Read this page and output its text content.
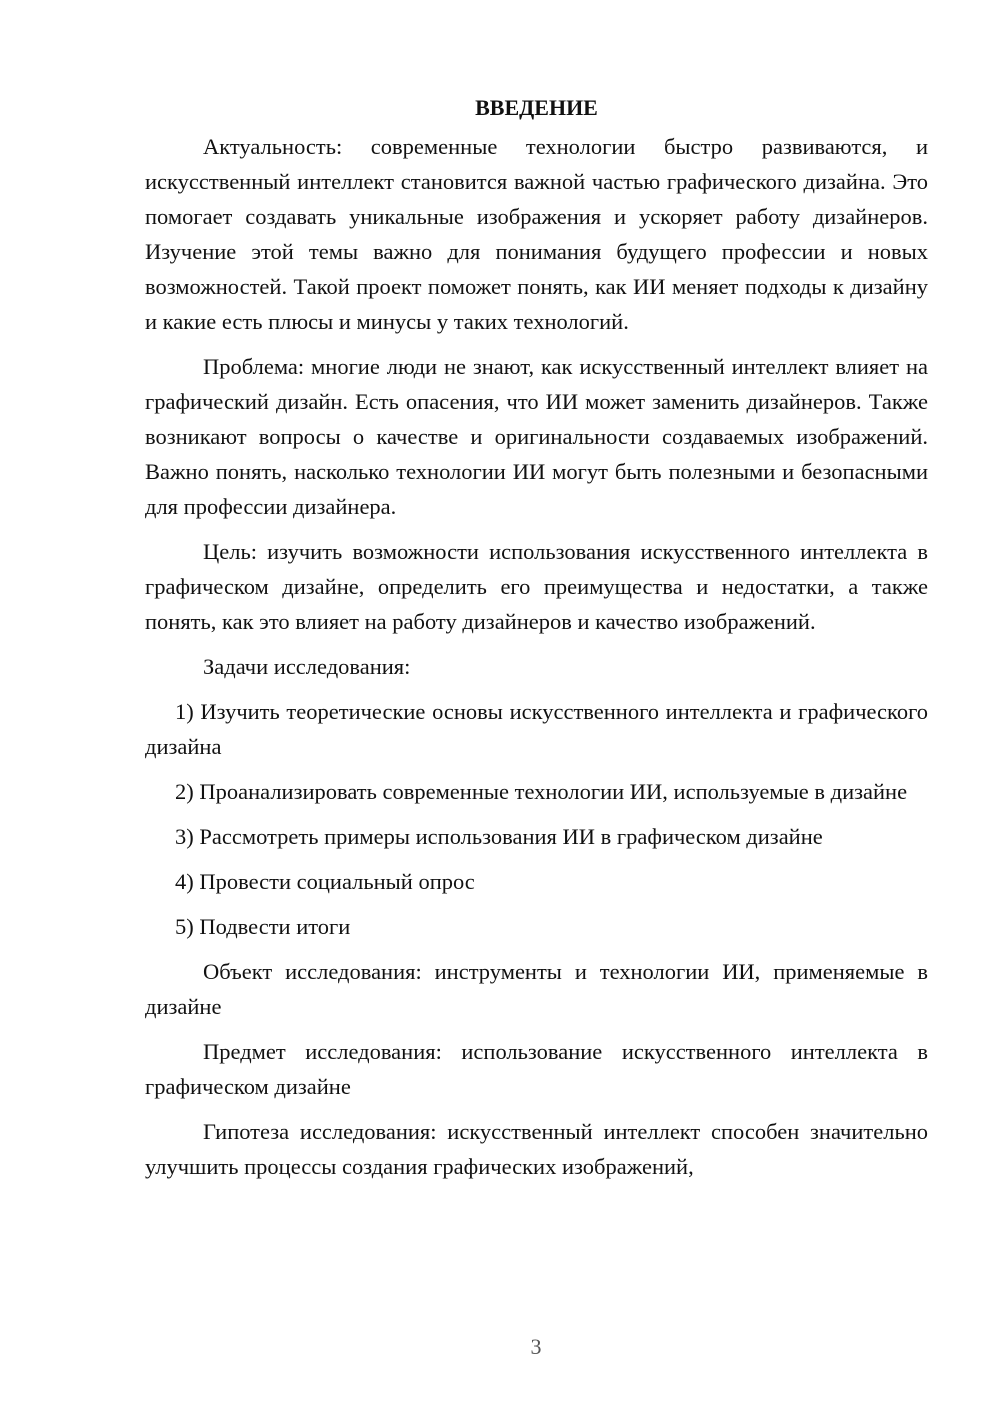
ВВЕДЕНИЕ

Актуальность: современные технологии быстро развиваются, и искусственный интеллект становится важной частью графического дизайна. Это помогает создавать уникальные изображения и ускоряет работу дизайнеров. Изучение этой темы важно для понимания будущего профессии и новых возможностей. Такой проект поможет понять, как ИИ меняет подходы к дизайну и какие есть плюсы и минусы у таких технологий.

Проблема: многие люди не знают, как искусственный интеллект влияет на графический дизайн. Есть опасения, что ИИ может заменить дизайнеров. Также возникают вопросы о качестве и оригинальности создаваемых изображений. Важно понять, насколько технологии ИИ могут быть полезными и безопасными для профессии дизайнера.

Цель: изучить возможности использования искусственного интеллекта в графическом дизайне, определить его преимущества и недостатки, а также понять, как это влияет на работу дизайнеров и качество изображений.

Задачи исследования:

1) Изучить теоретические основы искусственного интеллекта и графического дизайна

2) Проанализировать современные технологии ИИ, используемые в дизайне

3) Рассмотреть примеры использования ИИ в графическом дизайне

4) Провести социальный опрос

5) Подвести итоги

Объект исследования: инструменты и технологии ИИ, применяемые в дизайне

Предмет исследования: использование искусственного интеллекта в графическом дизайне

Гипотеза исследования: искусственный интеллект способен значительно улучшить процессы создания графических изображений,

3
